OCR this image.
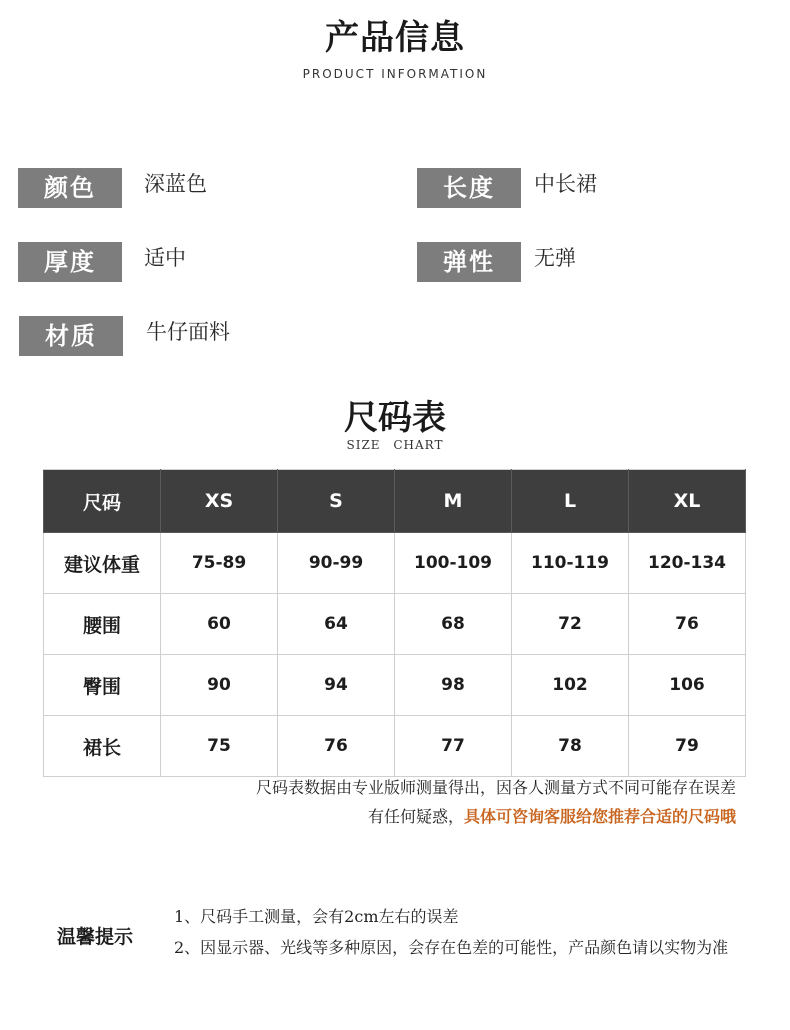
产品信息
PRODUCT INFORMATION
颜色	深蓝色	长度	中长裙
厚度	适中	弹性	无弹
材质	牛仔面料
尺码表
SIZE CHART
尺码	XS	S	M	L	XL
建议体重	75-89	90-99	100-109	110-119	120-134
腰围	60	64	68	72	76
臀围	90	94	98	102	106
裙长	75	76	77	78	79
尺码表数据由专业版师测量得出，因各人测量方式不同可能存在误差
有任何疑惑，具体可咨询客服给您推荐合适的尺码哦
温馨提示
1、尺码手工测量，会有2cm左右的误差
2、因显示器、光线等多种原因，会存在色差的可能性，产品颜色请以实物为准
